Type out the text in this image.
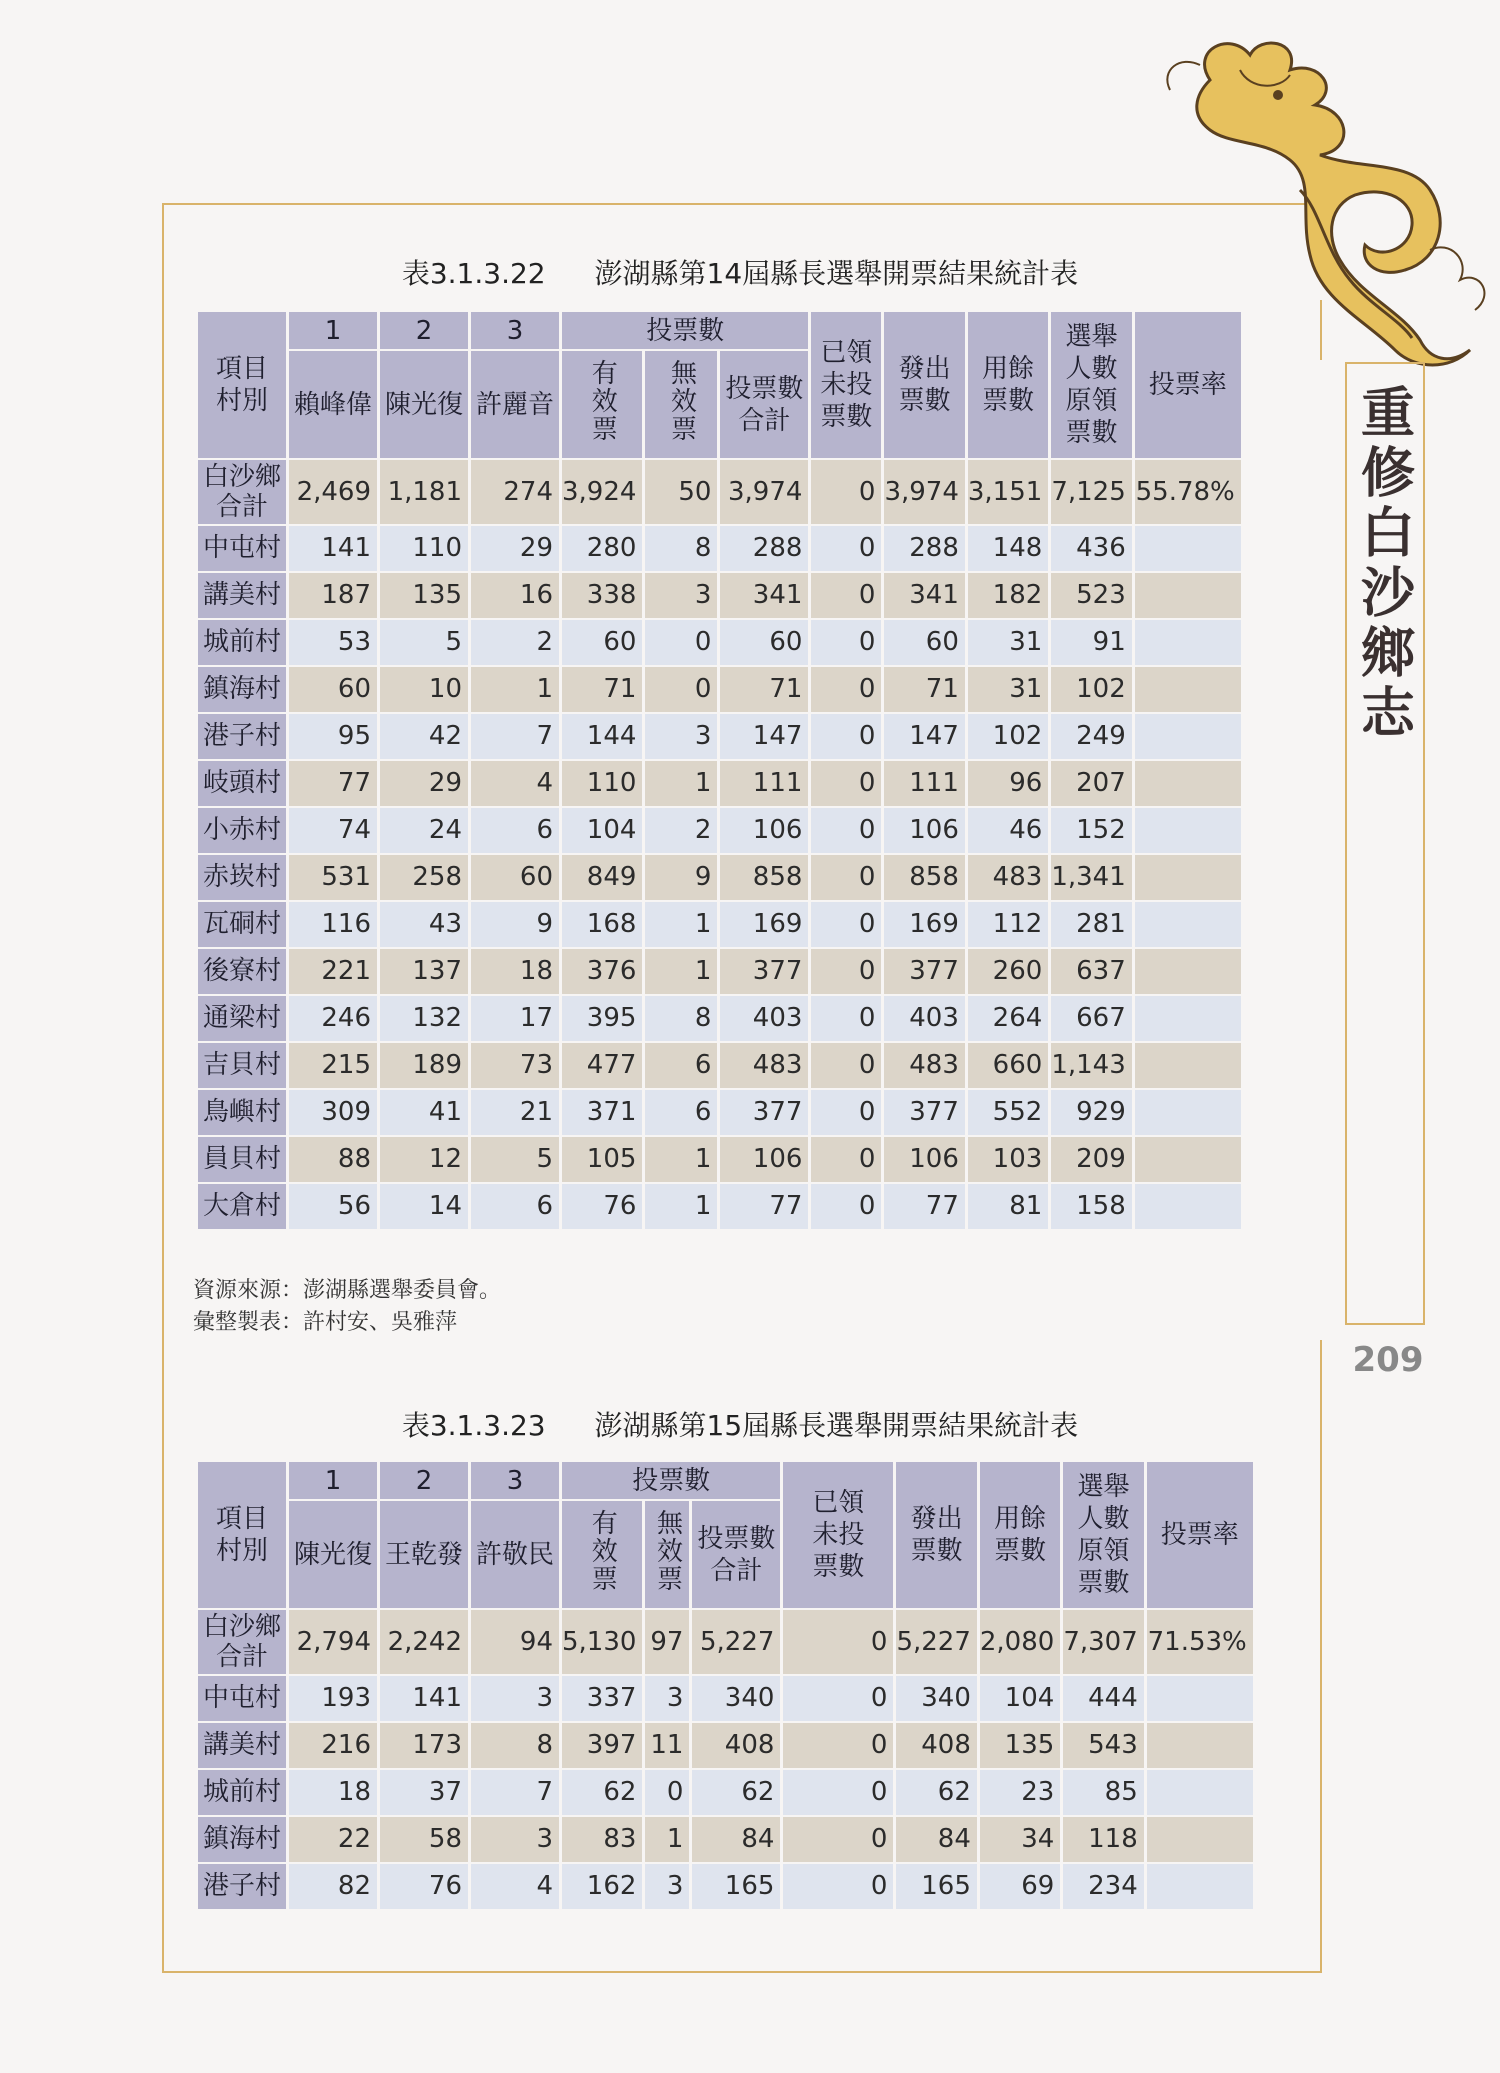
重修白沙鄉志
209
表3.1.3.22 澎湖縣第14屆縣長選舉開票結果統計表
項目
村別	1	2	3	投票數			已領
未投
票數	發出
票數	用餘
票數	選舉
人數
原領
票數	投票率
	賴峰偉	陳光復	許麗音	有效票	無效票	投票數
合計					
白沙鄉
合計	2,469	1,181	274	3,924	50	3,974	0	3,974	3,151	7,125	55.78%
中屯村	141	110	29	280	8	288	0	288	148	436	
講美村	187	135	16	338	3	341	0	341	182	523	
城前村	53	5	2	60	0	60	0	60	31	91	
鎮海村	60	10	1	71	0	71	0	71	31	102	
港子村	95	42	7	144	3	147	0	147	102	249	
岐頭村	77	29	4	110	1	111	0	111	96	207	
小赤村	74	24	6	104	2	106	0	106	46	152	
赤崁村	531	258	60	849	9	858	0	858	483	1,341	
瓦硐村	116	43	9	168	1	169	0	169	112	281	
後寮村	221	137	18	376	1	377	0	377	260	637	
通梁村	246	132	17	395	8	403	0	403	264	667	
吉貝村	215	189	73	477	6	483	0	483	660	1,143	
鳥嶼村	309	41	21	371	6	377	0	377	552	929	
員貝村	88	12	5	105	1	106	0	106	103	209	
大倉村	56	14	6	76	1	77	0	77	81	158	
資源來源：澎湖縣選舉委員會。
彙整製表：許村安、吳雅萍
表3.1.3.23 澎湖縣第15屆縣長選舉開票結果統計表
項目
村別	1	2	3	投票數			已領
未投
票數	發出
票數	用餘
票數	選舉
人數
原領
票數	投票率
	陳光復	王乾發	許敬民	有效票	無效票	投票數
合計					
白沙鄉
合計	2,794	2,242	94	5,130	97	5,227	0	5,227	2,080	7,307	71.53%
中屯村	193	141	3	337	3	340	0	340	104	444	
講美村	216	173	8	397	11	408	0	408	135	543	
城前村	18	37	7	62	0	62	0	62	23	85	
鎮海村	22	58	3	83	1	84	0	84	34	118	
港子村	82	76	4	162	3	165	0	165	69	234	
